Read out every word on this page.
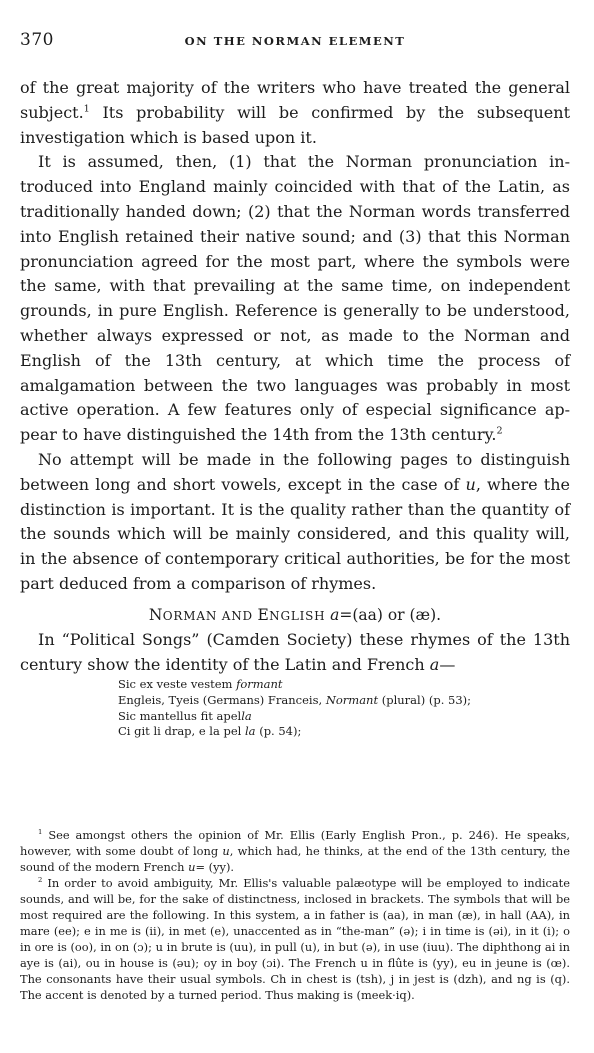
370	ON THE NORMAN ELEMENT

of the great majority of the writers who have treated the general subject.$^1$ Its probability will be confirmed by the subsequent investigation which is based upon it.

It is assumed, then, (1) that the Norman pronunciation introduced into England mainly coincided with that of the Latin, as traditionally handed down; (2) that the Norman words transferred into English retained their native sound; and (3) that this Norman pronunciation agreed for the most part, where the symbols were the same, with that prevailing at the same time, on independent grounds, in pure English. Reference is generally to be understood, whether always expressed or not, as made to the Norman and English of the 13th century, at which time the process of amalgamation between the two languages was probably in most active operation. A few features only of especial significance appear to have distinguished the 14th from the 13th century.$^2$

No attempt will be made in the following pages to distinguish between long and short vowels, except in the case of u, where the distinction is important. It is the quality rather than the quantity of the sounds which will be mainly considered, and this quality will, in the absence of contemporary critical authorities, be for the most part deduced from a comparison of rhymes.

NORMAN AND ENGLISH a=(aa) or (æ).

In “Political Songs” (Camden Society) these rhymes of the 13th century show the identity of the Latin and French a—

Sic ex veste vestem formant
Engleis, Tyeis (Germans) Franceis, Normant (plural) (p. 53);
Sic mantellus fit apella
Ci git li drap, e la pel la (p. 54);

$^1$ See amongst others the opinion of Mr. Ellis (Early English Pron., p. 246). He speaks, however, with some doubt of long u, which had, he thinks, at the end of the 13th century, the sound of the modern French u= (yy).

$^2$ In order to avoid ambiguity, Mr. Ellis's valuable palæotype will be employed to indicate sounds, and will be, for the sake of distinctness, inclosed in brackets. The symbols that will be most required are the following. In this system, a in father is (aa), in man (æ), in hall (AA), in mare (ee); e in me is (ii), in met (e), unaccented as in “the-man” (ə); i in time is (əi), in it (i); o in ore is (oo), in on (ɔ); u in brute is (uu), in pull (u), in but (ə), in use (iuu). The diphthong ai in aye is (ai), ou in house is (əu); oy in boy (ɔi). The French u in flûte is (yy), eu in jeune is (œ). The consonants have their usual symbols. Ch in chest is (tsh), j in jest is (dzh), and ng is (q). The accent is denoted by a turned period. Thus making is (meek·iq).
